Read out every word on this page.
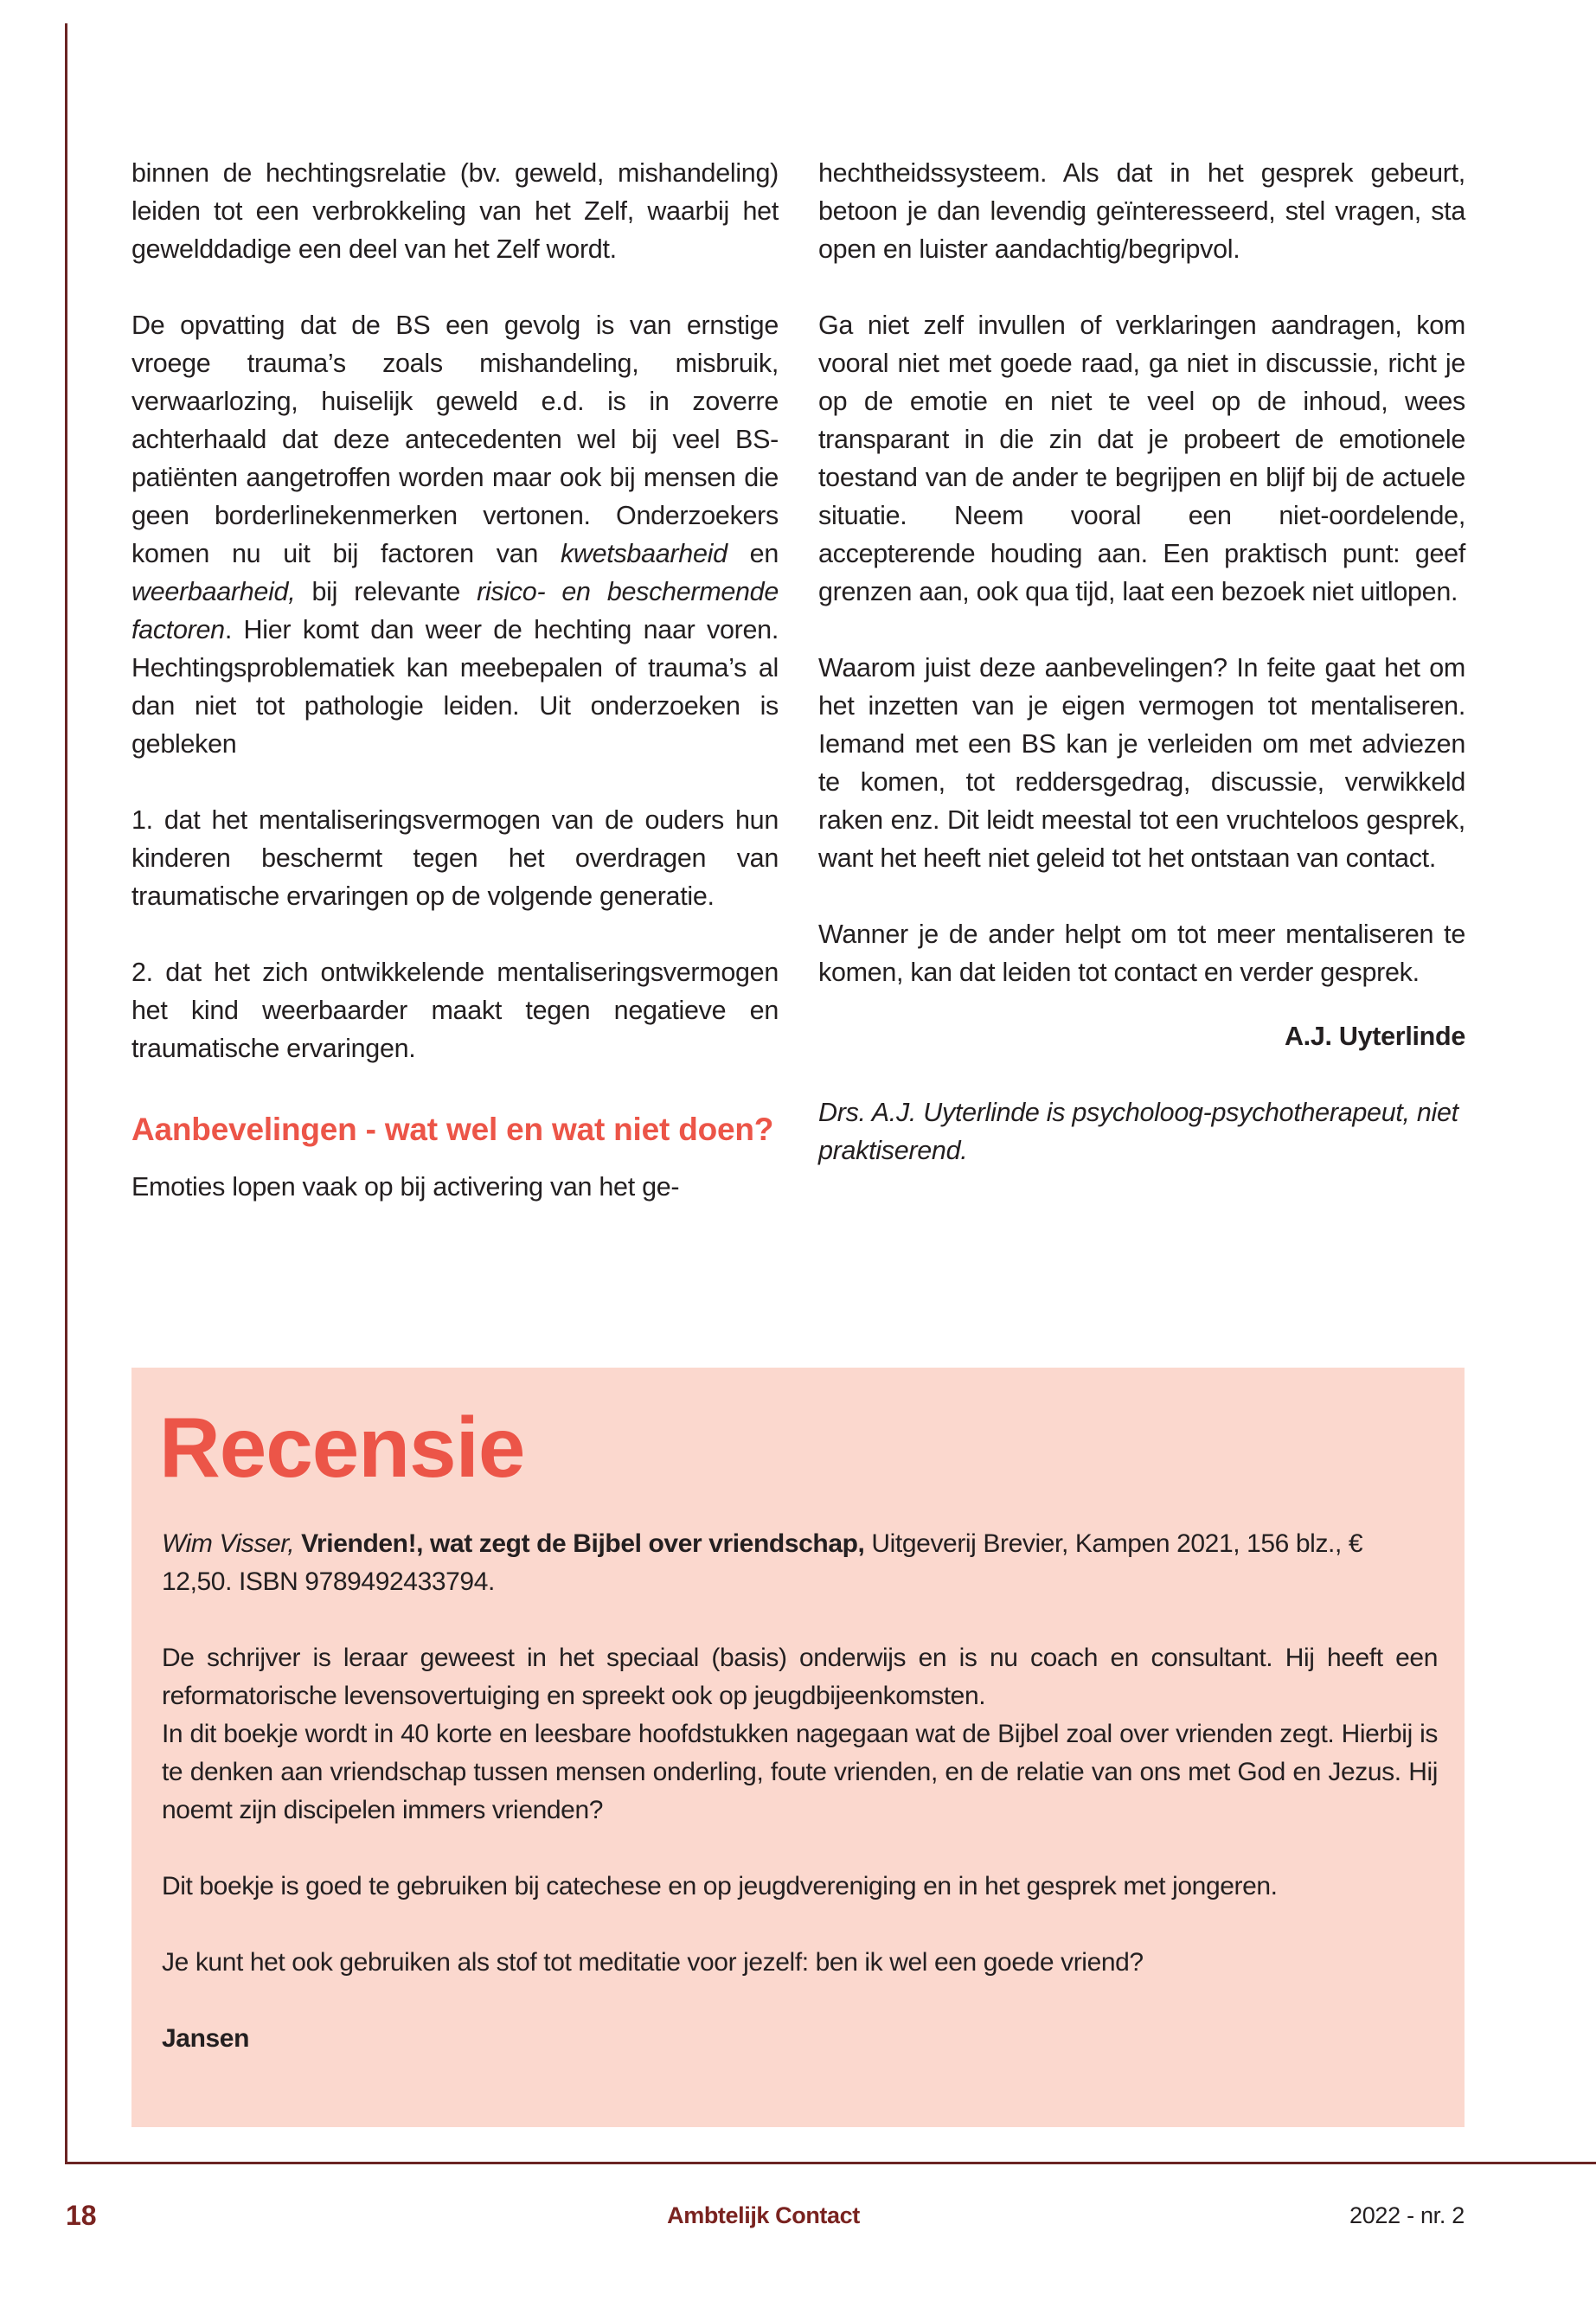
binnen de hechtingsrelatie (bv. geweld, mishandeling) leiden tot een verbrokkeling van het Zelf, waarbij het gewelddadige een deel van het Zelf wordt.

De opvatting dat de BS een gevolg is van ernstige vroege trauma’s zoals mishandeling, misbruik, verwaarlozing, huiselijk geweld e.d. is in zoverre achterhaald dat deze antecedenten wel bij veel BS-patiënten aangetroffen worden maar ook bij mensen die geen borderlinekenmerken vertonen. Onderzoekers komen nu uit bij factoren van kwetsbaarheid en weerbaarheid, bij relevante risico- en beschermende factoren. Hier komt dan weer de hechting naar voren. Hechtingsproblematiek kan meebepalen of trauma’s al dan niet tot pathologie leiden. Uit onderzoeken is gebleken

1. dat het mentaliseringsvermogen van de ouders hun kinderen beschermt tegen het overdragen van traumatische ervaringen op de volgende generatie.

2. dat het zich ontwikkelende mentaliseringsvermogen het kind weerbaarder maakt tegen negatieve en traumatische ervaringen.

Aanbevelingen - wat wel en wat niet doen?

Emoties lopen vaak op bij activering van het ge-

hechtheidssysteem. Als dat in het gesprek gebeurt, betoon je dan levendig geïnteresseerd, stel vragen, sta open en luister aandachtig/begripvol.

Ga niet zelf invullen of verklaringen aandragen, kom vooral niet met goede raad, ga niet in discussie, richt je op de emotie en niet te veel op de inhoud, wees transparant in die zin dat je probeert de emotionele toestand van de ander te begrijpen en blijf bij de actuele situatie. Neem vooral een niet-oordelende, accepterende houding aan. Een praktisch punt: geef grenzen aan, ook qua tijd, laat een bezoek niet uitlopen.

Waarom juist deze aanbevelingen? In feite gaat het om het inzetten van je eigen vermogen tot mentaliseren. Iemand met een BS kan je verleiden om met adviezen te komen, tot reddersgedrag, discussie, verwikkeld raken enz. Dit leidt meestal tot een vruchteloos gesprek, want het heeft niet geleid tot het ontstaan van contact.

Wanner je de ander helpt om tot meer mentaliseren te komen, kan dat leiden tot contact en verder gesprek.

A.J. Uyterlinde

Drs. A.J. Uyterlinde is psycholoog-psychotherapeut, niet praktiserend.

Recensie

Wim Visser, Vrienden!, wat zegt de Bijbel over vriendschap, Uitgeverij Brevier, Kampen 2021, 156 blz., € 12,50. ISBN 9789492433794.

De schrijver is leraar geweest in het speciaal (basis) onderwijs en is nu coach en consultant. Hij heeft een reformatorische levensovertuiging en spreekt ook op jeugdbijeenkomsten.

In dit boekje wordt in 40 korte en leesbare hoofdstukken nagegaan wat de Bijbel zoal over vrienden zegt. Hierbij is te denken aan vriendschap tussen mensen onderling, foute vrienden, en de relatie van ons met God en Jezus. Hij noemt zijn discipelen immers vrienden?

Dit boekje is goed te gebruiken bij catechese en op jeugdvereniging en in het gesprek met jongeren.

Je kunt het ook gebruiken als stof tot meditatie voor jezelf: ben ik wel een goede vriend?

Jansen

18	Ambtelijk Contact	2022 - nr. 2
